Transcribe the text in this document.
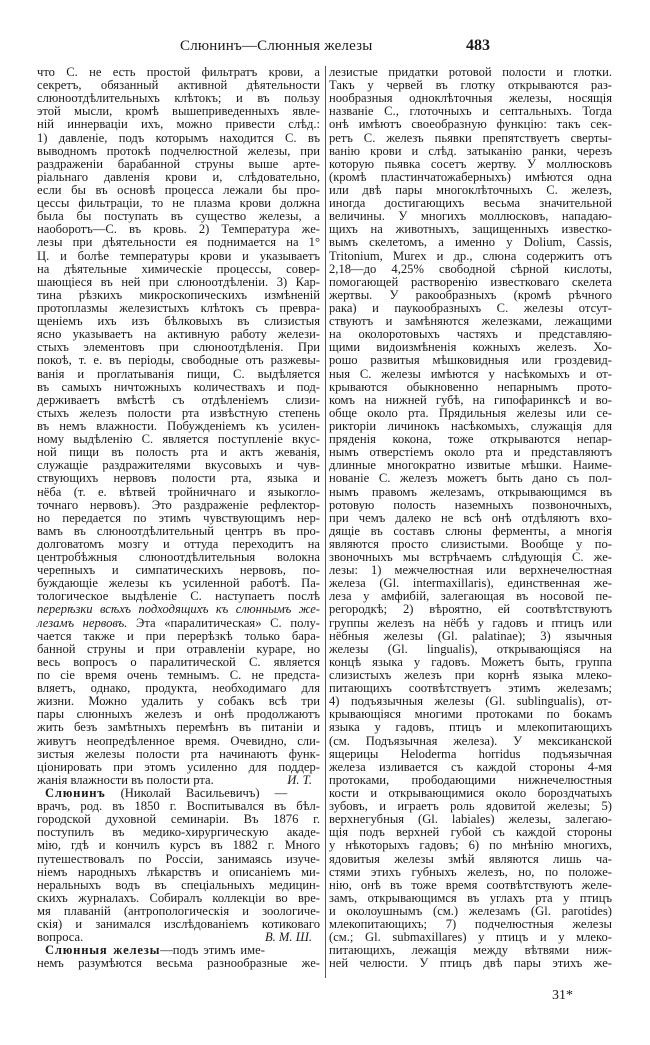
Слюнинъ—Слюнныя железы	483
что С. не есть простой фильтратъ крови, а
секретъ, обязанный активной дѣятельности
слюноотдѣлительныхъ клѣтокъ; и въ пользу
этой мысли, кромѣ вышеприведенныхъ явле-
ній иннерваціи ихъ, можно привести слѣд.:
1) давленіе, подъ которымъ находится С. въ
выводномъ протокѣ подчелюстной железы, при
раздраженіи барабанной струны выше арте-
ріальнаго давленія крови и, слѣдовательно,
если бы въ основѣ процесса лежали бы про-
цессы фильтраціи, то не плазма крови должна
была бы поступать въ существо железы, а
наоборотъ—С. въ кровь. 2) Температура же-
лезы при дѣятельности ея поднимается на 1°
Ц. и болѣе температуры крови и указываетъ
на дѣятельные химическіе процессы, совер-
шающіеся въ ней при слюноотдѣленіи. 3) Кар-
тина рѣзкихъ микроскопическихъ измѣненій
протоплазмы железистыхъ клѣтокъ съ превра-
щеніемъ ихъ изъ бѣлковыхъ въ слизистыя
ясно указываетъ на активную работу желези-
стыхъ элементовъ при слюноотдѣленія. При
покоѣ, т. е. въ періоды, свободные отъ разжевы-
ванія и проглатыванія пищи, С. выдѣляется
въ самыхъ ничтожныхъ количествахъ и под-
держиваетъ вмѣстѣ съ отдѣленіемъ слизи-
стыхъ железъ полости рта извѣстную степень
въ немъ влажности. Побужденіемъ къ усилен-
ному выдѣленію С. является поступленіе вкус-
ной пищи въ полость рта и актъ жеванія,
служащіе раздражителями вкусовыхъ и чув-
ствующихъ нервовъ полости рта, языка и
нёба (т. е. вѣтвей тройничнаго и языкогло-
точнаго нервовъ). Это раздраженіе рефлектор-
но передается по этимъ чувствующимъ нер-
вамъ въ слюноотдѣлительный центръ въ про-
долговатомъ мозгу и оттуда переходитъ на
центробѣжныя слюноотдѣлительныя волокна
черепныхъ и симпатическихъ нервовъ, по-
буждающіе железы къ усиленной работѣ. Па-
тологическое выдѣленіе С. наступаетъ послѣ
перерѣзки всѣхъ подходящихъ къ слюннымъ же-
лезамъ нервовъ. Эта «паралитическая» С. полу-
чается также и при перерѣзкѣ только бара-
банной струны и при отравленіи кураре, но
весь вопросъ о паралитической С. является
по сіе время очень темнымъ. С. не предста-
вляетъ, однако, продукта, необходимаго для
жизни. Можно удалить у собакъ всѣ три
пары слюнныхъ железъ и онѣ продолжаютъ
жить безъ замѣтныхъ перемѣнъ въ питаніи и
живутъ неопредѣленное время. Очевидно, сли-
зистыя железы полости рта начинаютъ функ-
ціонировать при этомъ усиленно для поддер-
жанія влажности въ полости рта.	И. Т.
Слюнинъ (Николай Васильевичъ) —
врачъ, род. въ 1850 г. Воспитывался въ бѣл-
городской духовной семинаріи. Въ 1876 г.
поступилъ въ медико-хирургическую акаде-
мію, гдѣ и кончилъ курсъ въ 1882 г. Много
путешествовалъ по Россіи, занимаясь изуче-
ніемъ народныхъ лѣкарствъ и описаніемъ ми-
неральныхъ водъ въ спеціальныхъ медицин-
скихъ журналахъ. Собиралъ коллекціи во вре-
мя плаваній (антропологическія и зоологиче-
скія) и занимался изслѣдованіемъ котиковаго
вопроса.	В. М. Ш.
Слюнныя железы—подъ этимъ име-
немъ разумѣются весьма разнообразные же-
лезистые придатки ротовой полости и глотки.
Такъ у червей въ глотку открываются раз-
нообразныя одноклѣточныя железы, носящія
названіе С., глоточныхъ и септальныхъ. Тогда
онѣ имѣютъ своеобразную функцію: такъ сек-
ретъ С. железъ пьявки препятствуетъ сверты-
ванію крови и слѣд. затыканію ранки, черезъ
которую пьявка сосетъ жертву. У моллюсковъ
(кромѣ пластинчатожаберныхъ) имѣются одна
или двѣ пары многоклѣточныхъ С. железъ,
иногда достигающихъ весьма значительной
величины. У многихъ моллюсковъ, нападаю-
щихъ на животныхъ, защищенныхъ известко-
вымъ скелетомъ, а именно у Dolium, Cassis,
Tritonium, Murex и др., слюна содержитъ отъ
2,18—до 4,25% свободной сѣрной кислоты,
помогающей растворенію известковаго скелета
жертвы. У ракообразныхъ (кромѣ рѣчного
рака) и паукообразныхъ С. железы отсут-
ствуютъ и замѣняются железками, лежащими
на околоротовыхъ частяхъ и представляю-
щими видоизмѣненія кожныхъ железъ. Хо-
рошо развитыя мѣшковидныя или гроздевид-
ныя С. железы имѣются у насѣкомыхъ и от-
крываются обыкновенно непарнымъ прото-
комъ на нижней губѣ, на гипофаринксѣ и во-
обще около рта. Прядильныя железы или се-
рикторіи личинокъ насѣкомыхъ, служащія для
пряденія кокона, тоже открываются непар-
нымъ отверстіемъ около рта и представляютъ
длинные многократно извитые мѣшки. Наиме-
нованіе С. железъ можетъ быть дано съ пол-
нымъ правомъ железамъ, открывающимся въ
ротовую полость наземныхъ позвоночныхъ,
при чемъ далеко не всѣ онѣ отдѣляютъ вхо-
дящіе въ составъ слюны ферменты, а многія
являются просто слизистыми. Вообще у по-
звоночныхъ мы встрѣчаемъ слѣдующія С. же-
лезы: 1) межчелюстная или верхнечелюстная
железа (Gl. intermaxillaris), единственная же-
леза у амфибій, залегающая въ носовой пе-
регородкѣ; 2) вѣроятно, ей соотвѣтствуютъ
группы железъ на нёбѣ у гадовъ и птицъ или
нёбныя железы (Gl. palatinae); 3) язычныя
железы (Gl. lingualis), открывающіяся на
концѣ языка у гадовъ. Можетъ быть, группа
слизистыхъ железъ при корнѣ языка млеко-
питающихъ соотвѣтствуетъ этимъ железамъ;
4) подъязычныя железы (Gl. sublingualis), от-
крывающіяся многими протоками по бокамъ
языка у гадовъ, птицъ и млекопитающихъ
(см. Подъязычная железа). У мексиканской
ящерицы Heloderma horridus подъязычная
железа изливается съ каждой стороны 4-мя
протоками, прободающими нижнечелюстныя
кости и открывающимися около бороздчатыхъ
зубовъ, и играетъ роль ядовитой железы; 5)
верхнегубныя (Gl. labiales) железы, залегаю-
щія подъ верхней губой съ каждой стороны
у нѣкоторыхъ гадовъ; 6) по мнѣнію многихъ,
ядовитыя железы змѣй являются лишь ча-
стями этихъ губныхъ железъ, но, по положе-
нію, онѣ въ тоже время соотвѣтствуютъ желе-
замъ, открывающимся въ углахъ рта у птицъ
и околоушнымъ (см.) железамъ (Gl. parotides)
млекопитающихъ; 7) подчелюстныя железы
(см.; Gl. submaxillares) у птицъ и у млеко-
питающихъ, лежащія между вѣтвями ниж-
ней челюсти. У птицъ двѣ пары этихъ же-
31*
